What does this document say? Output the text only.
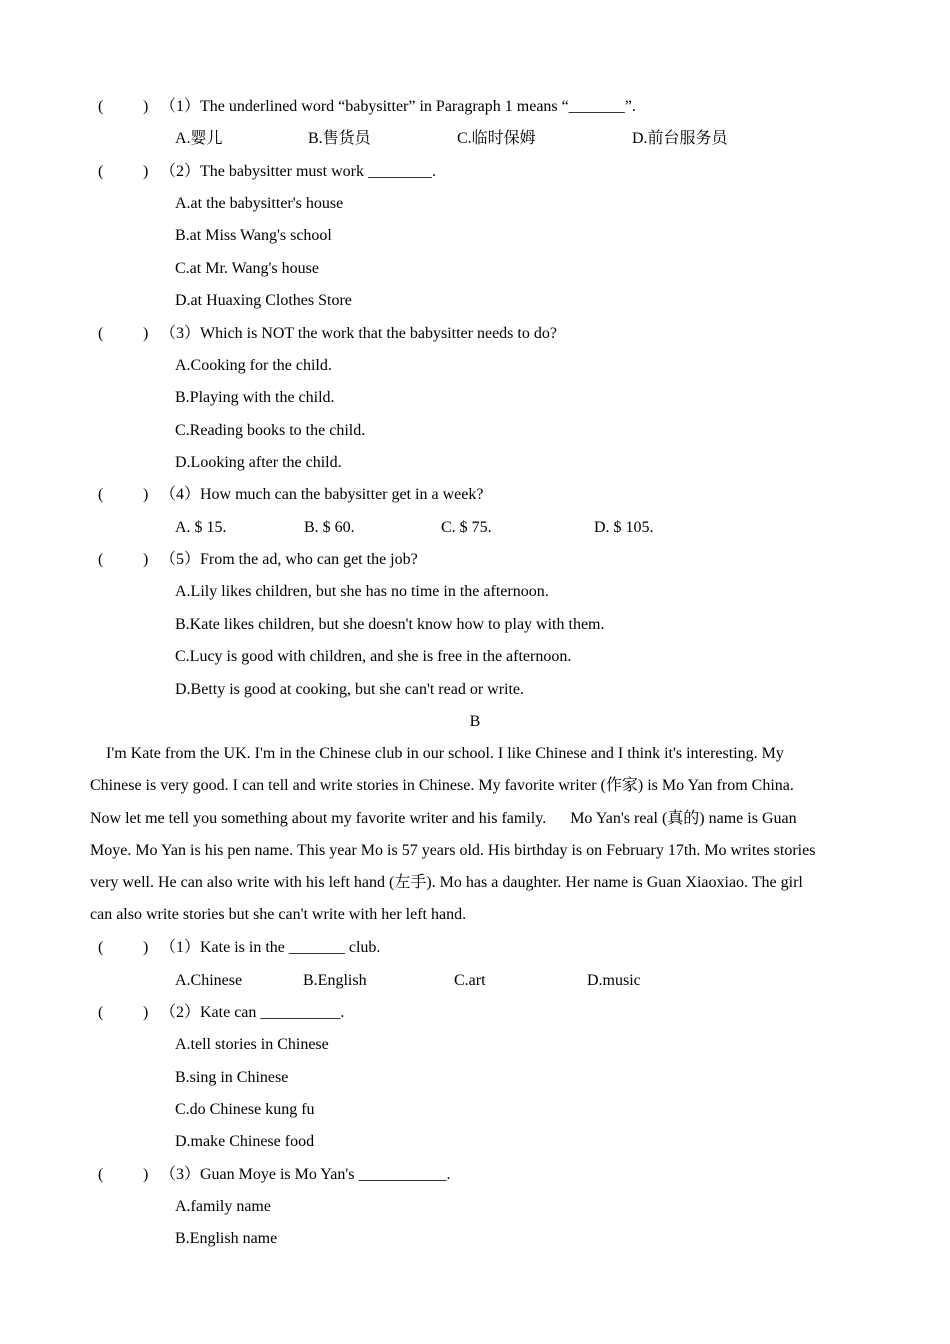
( ) （1）The underlined word “babysitter” in Paragraph 1 means “_______”.
A.婴儿	B.售货员	C.临时保姆	D.前台服务员
( ) （2）The babysitter must work ________.
A.at the babysitter's house
B.at Miss Wang's school
C.at Mr. Wang's house
D.at Huaxing Clothes Store
( ) （3）Which is NOT the work that the babysitter needs to do?
A.Cooking for the child.
B.Playing with the child.
C.Reading books to the child.
D.Looking after the child.
( ) （4）How much can the babysitter get in a week?
A. $ 15.	B. $ 60.	C. $ 75.	D. $ 105.
( ) （5）From the ad, who can get the job?
A.Lily likes children, but she has no time in the afternoon.
B.Kate likes children, but she doesn't know how to play with them.
C.Lucy is good with children, and she is free in the afternoon.
D.Betty is good at cooking, but she can't read or write.
B
I'm Kate from the UK. I'm in the Chinese club in our school. I like Chinese and I think it's interesting. My
Chinese is very good. I can tell and write stories in Chinese. My favorite writer (作家) is Mo Yan from China.
Now let me tell you something about my favorite writer and his family.      Mo Yan's real (真的) name is Guan
Moye. Mo Yan is his pen name. This year Mo is 57 years old. His birthday is on February 17th. Mo writes stories
very well. He can also write with his left hand (左手). Mo has a daughter. Her name is Guan Xiaoxiao. The girl
can also write stories but she can't write with her left hand.
( ) （1）Kate is in the _______ club.
A.Chinese	B.English	C.art	D.music
( ) （2）Kate can __________.
A.tell stories in Chinese
B.sing in Chinese
C.do Chinese kung fu
D.make Chinese food
( ) （3）Guan Moye is Mo Yan's ___________.
A.family name
B.English name
